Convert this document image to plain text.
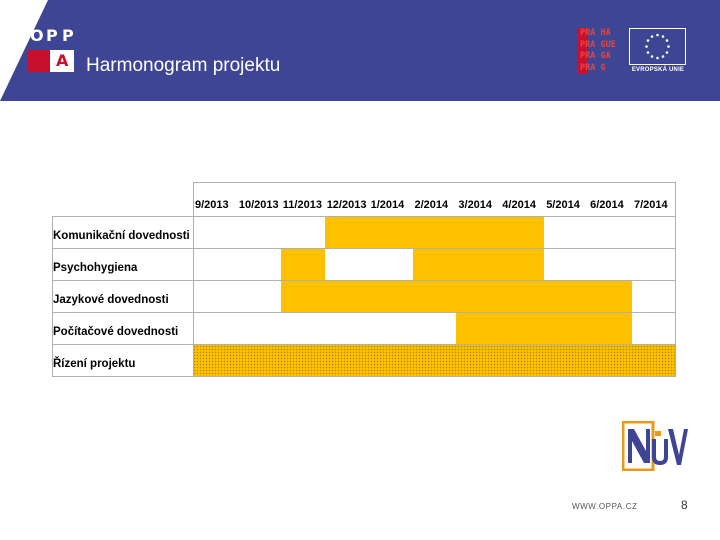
O P P
A Harmonogram projektu
PRA HA
PRA GUE
PRA GA
PRA G	EVROPSKÁ UNIE
9/2013 10/2013 11/2013 12/2013 1/2014 2/2014 3/2014 4/2014 5/2014 6/2014 7/2014
Komunikační dovednosti
Psychohygiena
Jazykové dovednosti
Počítačové dovednosti
Řízení projektu
WWW.OPPA.CZ	8
